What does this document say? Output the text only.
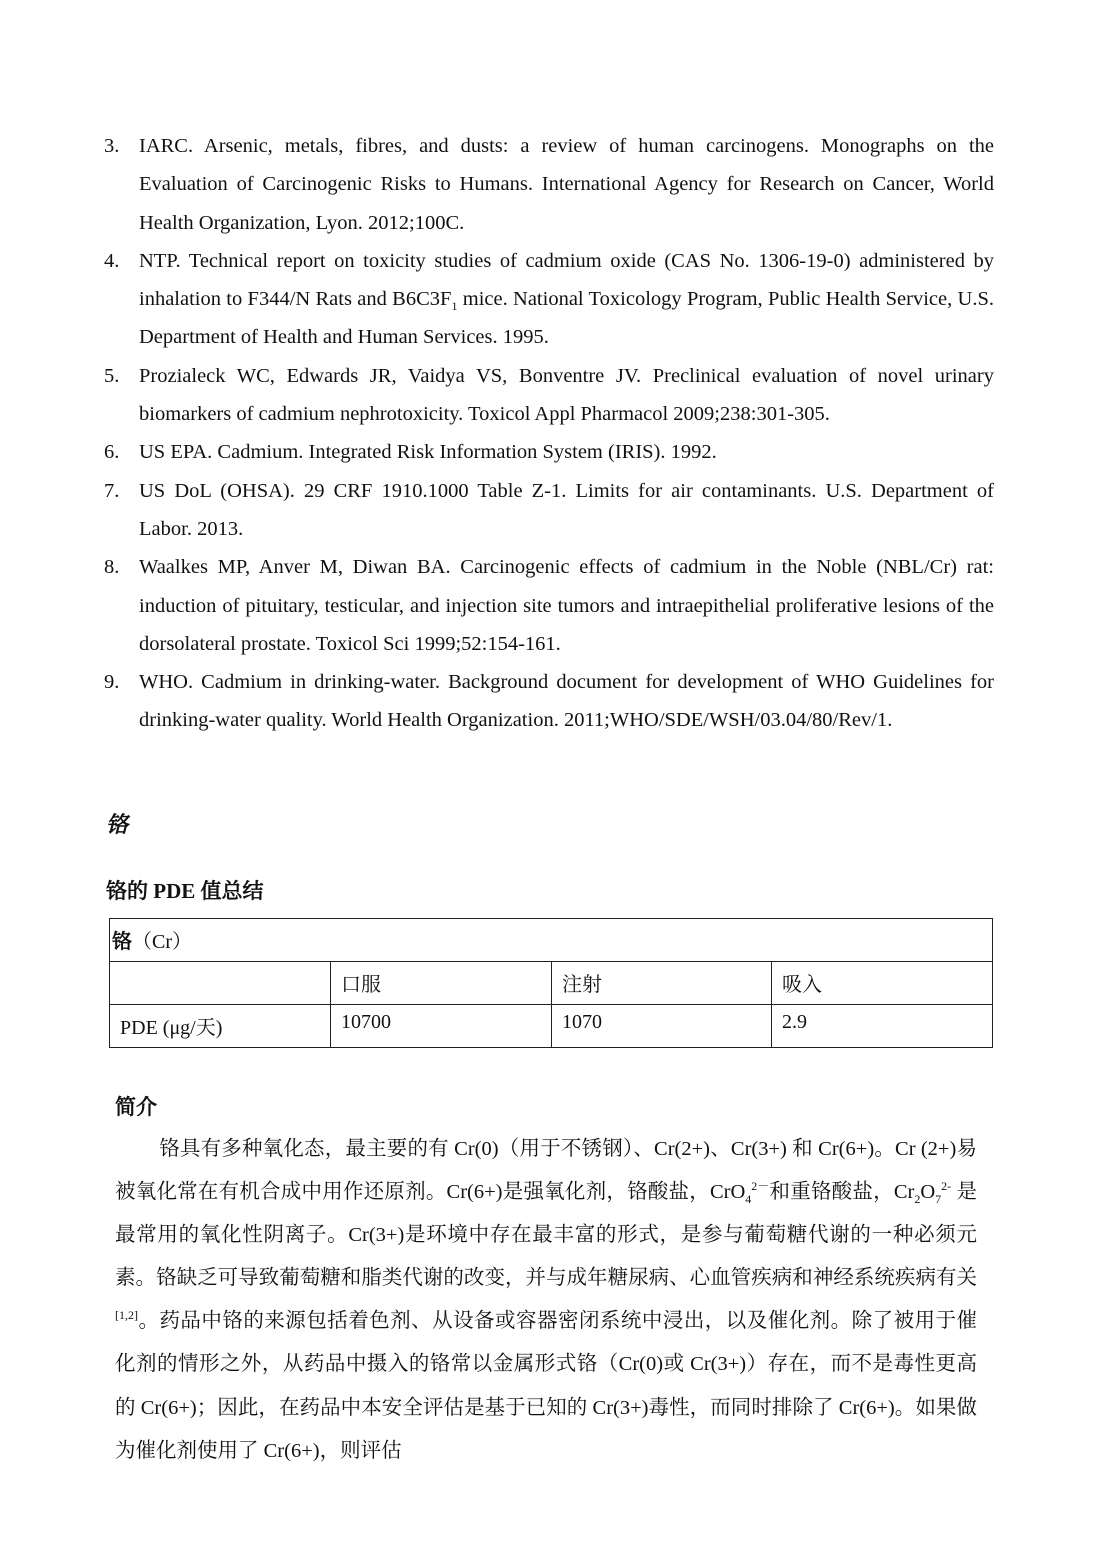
3. IARC. Arsenic, metals, fibres, and dusts: a review of human carcinogens. Monographs on the Evaluation of Carcinogenic Risks to Humans. International Agency for Research on Cancer, World Health Organization, Lyon. 2012;100C.
4. NTP. Technical report on toxicity studies of cadmium oxide (CAS No. 1306-19-0) administered by inhalation to F344/N Rats and $B6C3F_1$ mice. National Toxicology Program, Public Health Service, U.S. Department of Health and Human Services. 1995.
5. Prozialeck WC, Edwards JR, Vaidya VS, Bonventre JV. Preclinical evaluation of novel urinary biomarkers of cadmium nephrotoxicity. Toxicol Appl Pharmacol 2009;238:301-305.
6. US EPA. Cadmium. Integrated Risk Information System (IRIS). 1992.
7. US DoL (OHSA). 29 CRF 1910.1000 Table Z-1. Limits for air contaminants. U.S. Department of Labor. 2013.
8. Waalkes MP, Anver M, Diwan BA. Carcinogenic effects of cadmium in the Noble (NBL/Cr) rat: induction of pituitary, testicular, and injection site tumors and intraepithelial proliferative lesions of the dorsolateral prostate. Toxicol Sci 1999;52:154-161.
9. WHO. Cadmium in drinking-water. Background document for development of WHO Guidelines for drinking-water quality. World Health Organization. 2011;WHO/SDE/WSH/03.04/80/Rev/1.
铬
铬的 PDE 值总结
铬（Cr）			
	口服	注射	吸入
PDE (μg/天)	10700	1070	2.9
简介

铬具有多种氧化态，最主要的有 Cr(0)（用于不锈钢）、Cr(2+)、Cr(3+) 和 Cr(6+)。Cr (2+)易被氧化常在有机合成中用作还原剂。Cr(6+)是强氧化剂，铬酸盐，CrO$_4^{2-}$和重铬酸盐，$Cr_2O_7^{2-}$ 是最常用的氧化性阴离子。Cr(3+)是环境中存在最丰富的形式，是参与葡萄糖代谢的一种必须元素。铬缺乏可导致葡萄糖和脂类代谢的改变，并与成年糖尿病、心血管疾病和神经系统疾病有关[1,2]。药品中铬的来源包括着色剂、从设备或容器密闭系统中浸出，以及催化剂。除了被用于催化剂的情形之外，从药品中摄入的铬常以金属形式铬（Cr(0)或 Cr(3+)）存在，而不是毒性更高的 Cr(6+)；因此，在药品中本安全评估是基于已知的 Cr(3+)毒性，而同时排除了 Cr(6+)。如果做为催化剂使用了 Cr(6+)，则评估
